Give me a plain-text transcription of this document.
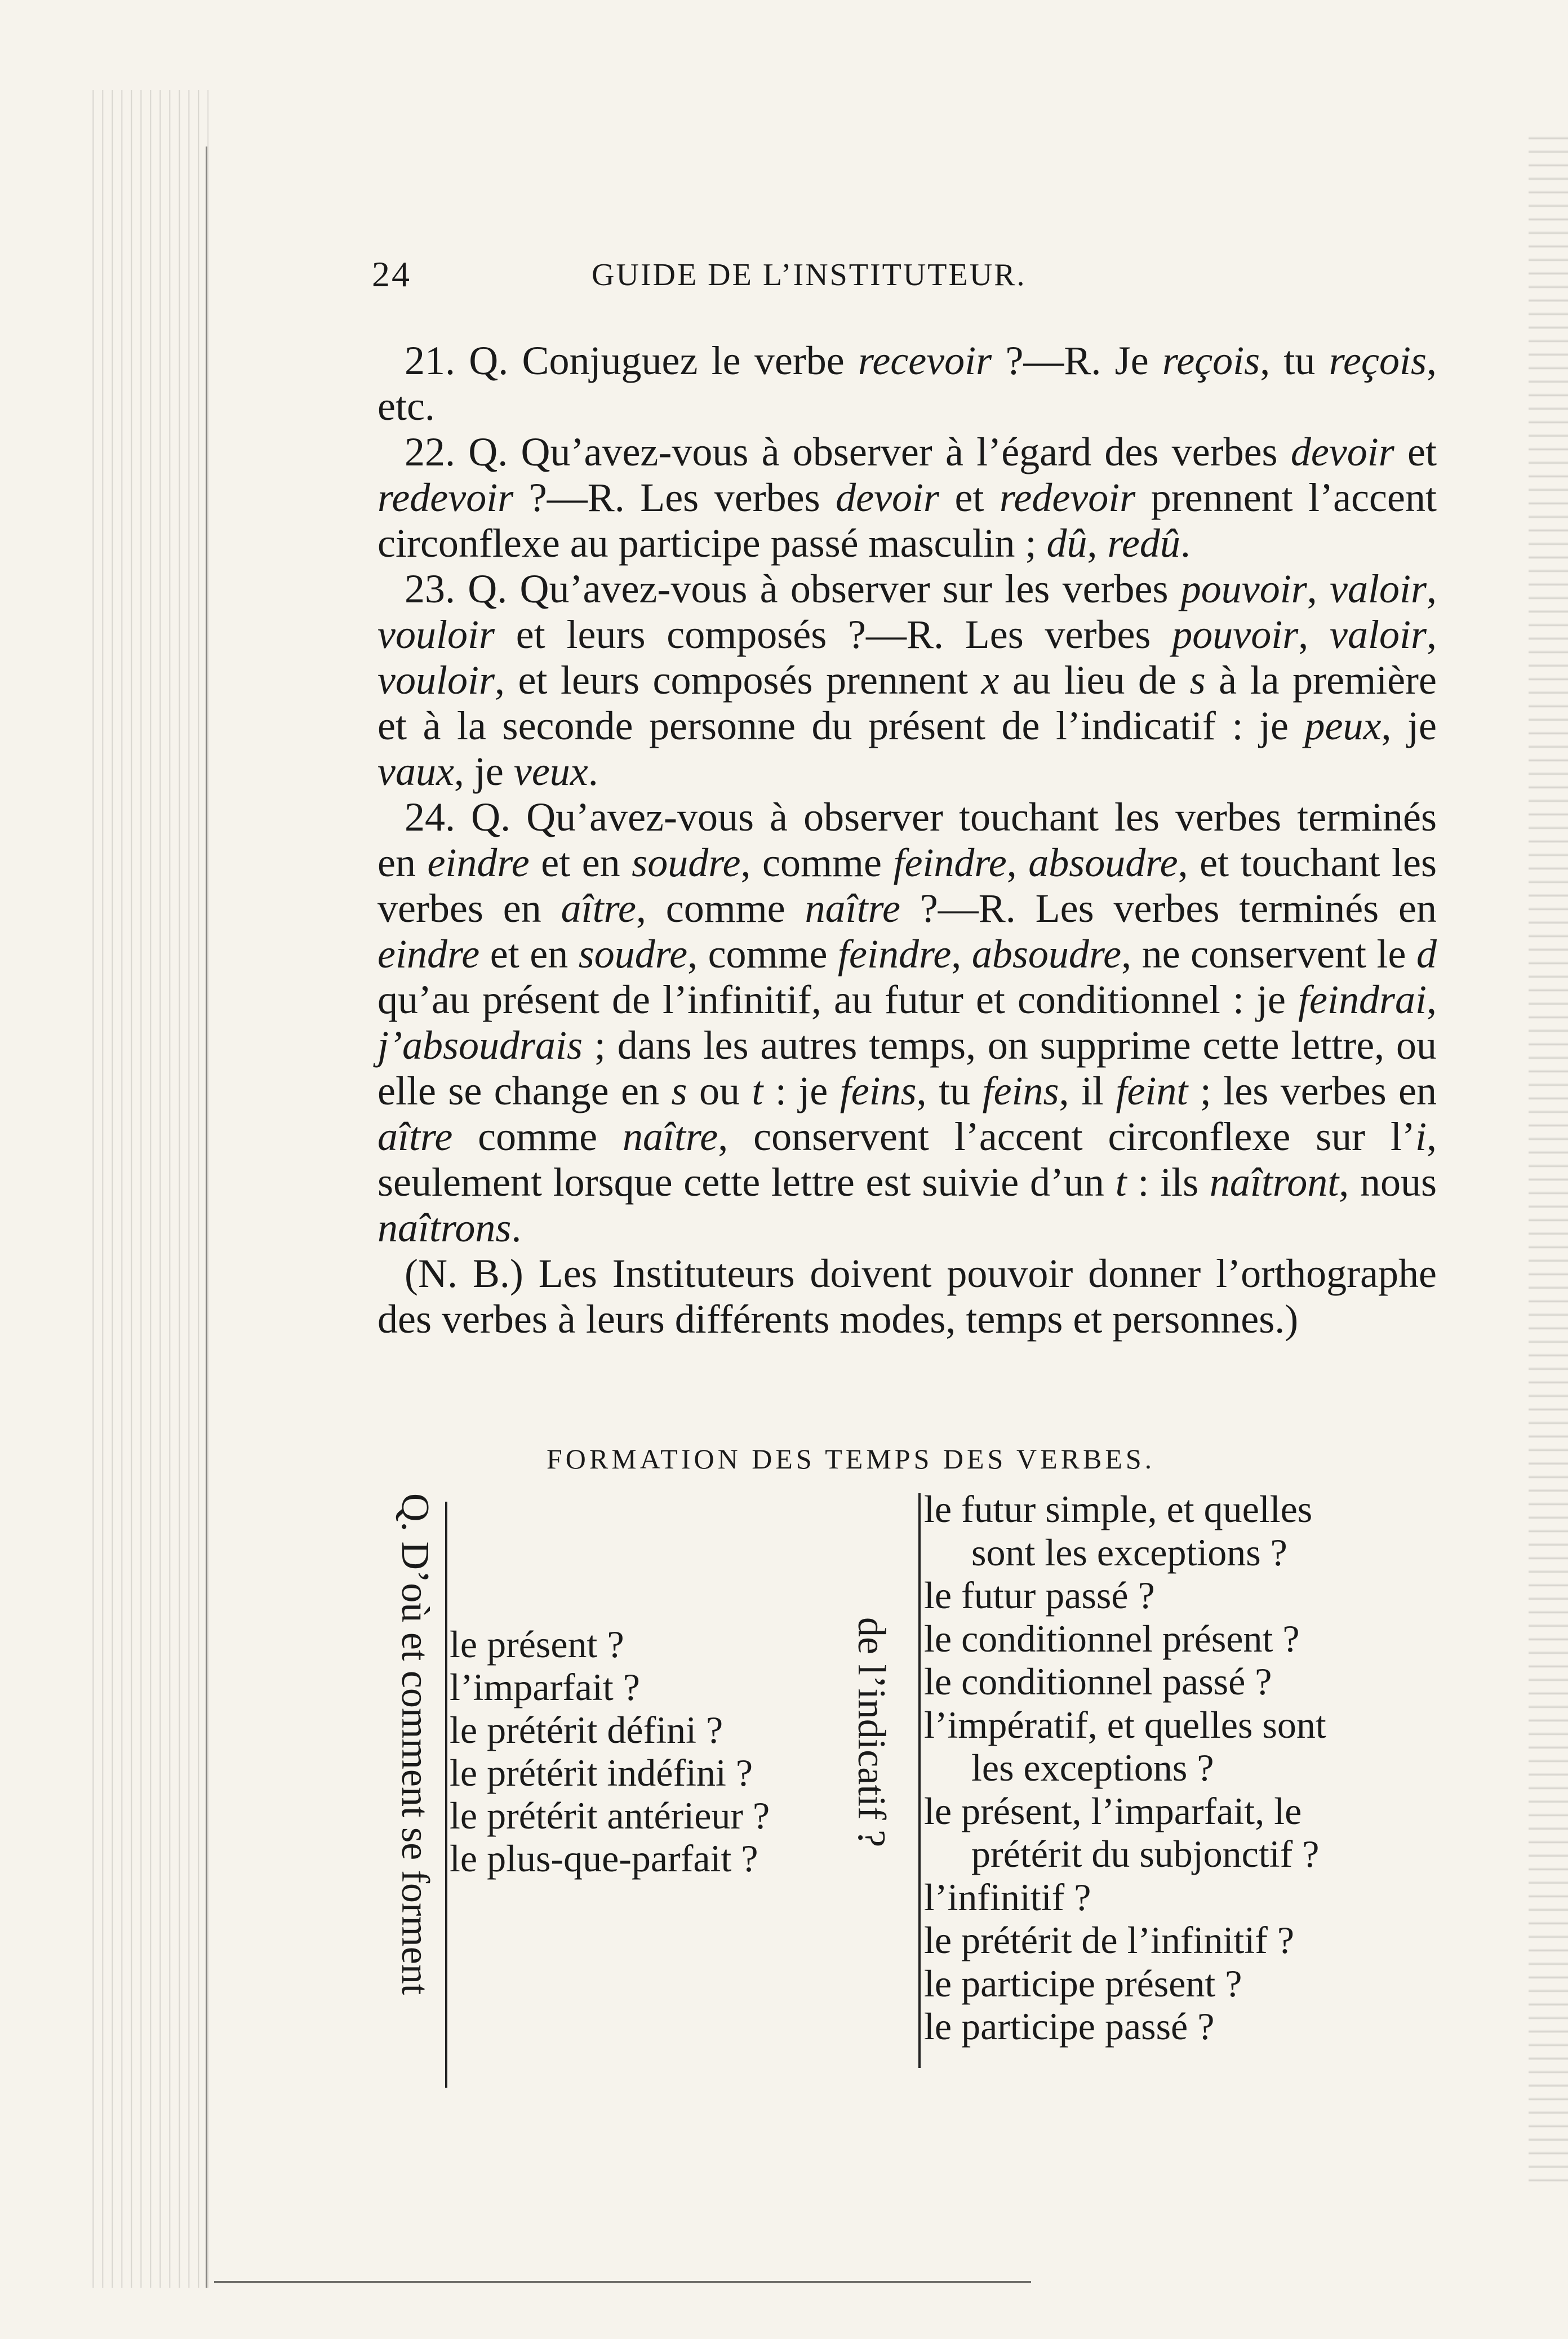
24	GUIDE DE L’INSTITUTEUR.

21. Q. Conjuguez le verbe recevoir ?—R. Je reçois, tu reçois, etc.

22. Q. Qu’avez-vous à observer à l’égard des verbes devoir et redevoir ?—R. Les verbes devoir et redevoir prennent l’accent circonflexe au participe passé masculin ; dû, redû.

23. Q. Qu’avez-vous à observer sur les verbes pouvoir, valoir, vouloir et leurs composés ?—R. Les verbes pouvoir, valoir, vouloir, et leurs composés prennent x au lieu de s à la première et à la seconde personne du présent de l’indicatif : je peux, je vaux, je veux.

24. Q. Qu’avez-vous à observer touchant les verbes terminés en eindre et en soudre, comme feindre, absoudre, et touchant les verbes en aître, comme naître ?—R. Les verbes terminés en eindre et en soudre, comme feindre, absoudre, ne conservent le d qu’au présent de l’infinitif, au futur et conditionnel : je feindrai, j’absoudrais ; dans les autres temps, on supprime cette lettre, ou elle se change en s ou t : je feins, tu feins, il feint ; les verbes en aître comme naître, conservent l’accent circonflexe sur l’i, seulement lorsque cette lettre est suivie d’un t : ils naîtront, nous naîtrons.

(N. B.) Les Instituteurs doivent pouvoir donner l’orthographe des verbes à leurs différents modes, temps et personnes.)

FORMATION DES TEMPS DES VERBES.
Q. D’où et comment se forment le présent ?
l’imparfait ?
le prétérit défini ?
le prétérit indéfini ?
le prétérit antérieur ?
le plus-que-parfait ?
de l’indicatif ?
le futur simple, et quelles
sont les exceptions ?
le futur passé ?
le conditionnel présent ?
le conditionnel passé ?
l’impératif, et quelles sont
les exceptions ?
le présent, l’imparfait, le
prétérit du subjonctif ?
l’infinitif ?
le prétérit de l’infinitif ?
le participe présent ?
le participe passé ?
